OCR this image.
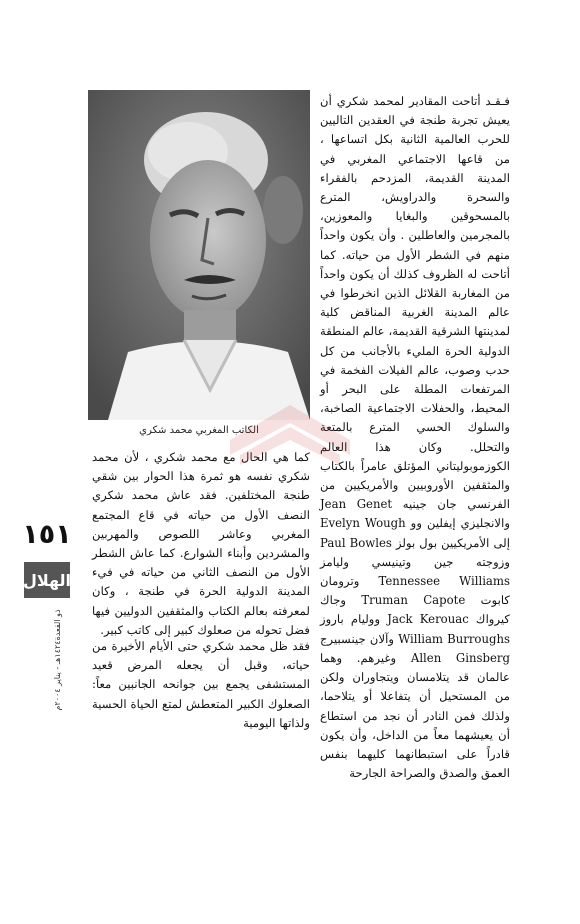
الكاتب المغربي محمد شكري

فـقـد أتاحت المقادير لمحمد شكري أن يعيش تجربة طنجة في العقدين التاليين للحرب العالمية الثانية بكل اتساعها ، من قاعها الاجتماعي المغربي في المدينة القديمة، المزدحم بالفقراء والسحرة والدراويش، المترع بالمسحوقين والبغايا والمعوزين، بالمجرمين والعاطلين . وأن يكون واحداً منهم في الشطر الأول من حياته. كما أتاحت له الظروف كذلك أن يكون واحداً من المغاربة القلائل الذين انخرطوا في عالم المدينة الغربية المناقض كلية لمدينتها الشرقية القديمة، عالم المنطقة الدولية الحرة المليء بالأجانب من كل حدب وصوب، عالم الفيلات الفخمة في المرتفعات المطلة على البحر أو المحيط، والحفلات الاجتماعية الصاخبة، والسلوك الحسي المترع بالمتعة والتحلل. وكان هذا العالم الكوزموبوليتاني المؤتلق عامراً بالكتاب والمثقفين الأوروبيين والأمريكيين من الفرنسي جان جينيه Jean Genet والانجليزي إيفلين وو Evelyn Wough إلى الأمريكيين بول بولز Paul Bowles وزوجته جين وتينيسي وليامز Tennessee Williams وترومان كابوت Truman Capote وجاك كيرواك Jack Kerouac ووليام باروز William Burroughs وآلان جينسبيرج Allen Ginsberg وغيرهم. وهما عالمان قد يتلامسان ويتجاوران ولكن من المستحيل أن يتفاعلا أو يتلاحما، ولذلك فمن النادر أن نجد من استطاع أن يعيشهما معاً من الداخل، وأن يكون قادراً على استبطانهما كليهما بنفس العمق والصدق والصراحة الجارحة

كما هي الحال مع محمد شكري ، لأن محمد شكري نفسه هو ثمرة هذا الحوار بين شقي طنجة المختلفين. فقد عاش محمد شكري النصف الأول من حياته في قاع المجتمع المغربي وعاشر اللصوص والمهربين والمشردين وأبناء الشوارع. كما عاش الشطر الأول من النصف الثاني من حياته في فيء المدينة الدولية الحرة في طنجة ، وكان لمعرفته بعالم الكتاب والمثقفين الدوليين فيها فضل تحوله من صعلوك كبير إلى كاتب كبير.

فقد ظل محمد شكري حتى الأيام الأخيرة من حياته، وقبل أن يجعله المرض قعيد المستشفى يجمع بين جوانحه الجانبين معاً: الصعلوك الكبير المتعطش لمتع الحياة الحسية ولذاتها اليومية

١٥١
الهلال
ذو القعدة١٤٢٤هـ - يناير ٢٠٠٤م
